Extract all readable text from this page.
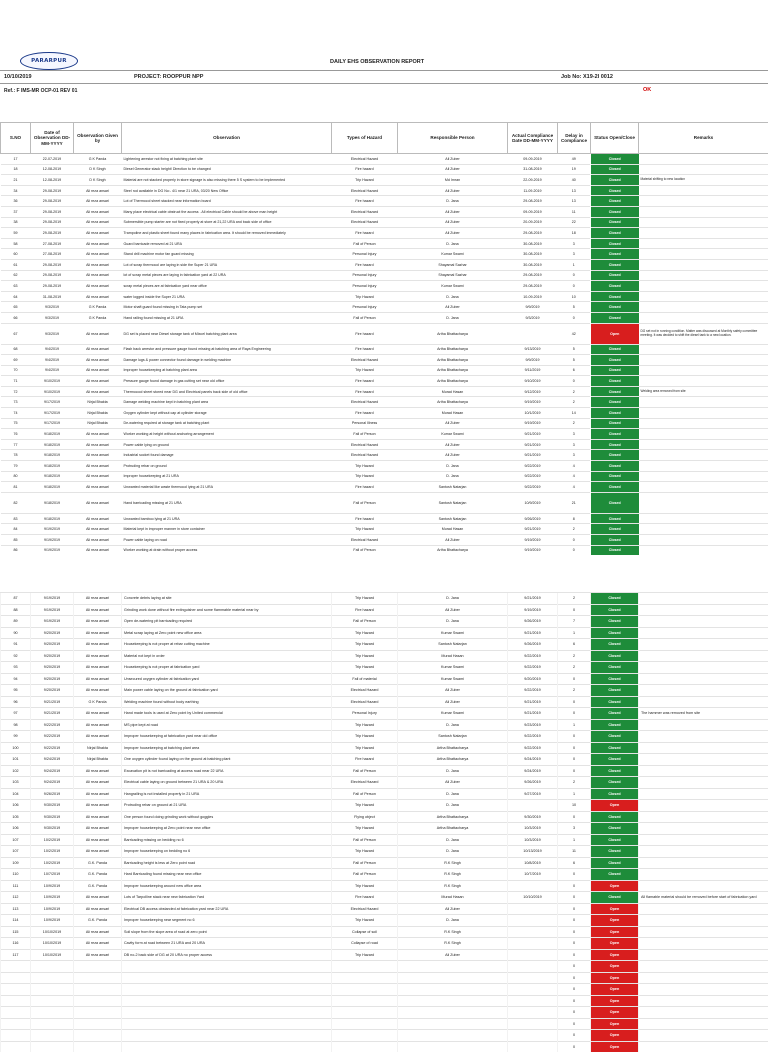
PARARPUR	DAILY EHS OBSERVATION REPORT
10/10/2019	PROJECT: ROOPPUR NPP	Job No: X19-2l 0012
Ref.: F IMS-MR OCP-01 REV 01	OK
S.NO	Date of Observation DD-MM-YYYY	Observation Given by	Observation	Types of Hazard	Responsible Person	Actual Compliance Date DD-MM-YYYY	Delay in Compliance	Status Open/Close	Remarks
17	22-07-2019	G K Panda	Lightening arrestor not fixing at batching plant site	Electrical Hazard	Ali Zuber	09-09-2019	49	Closed	
18	12-08-2019	D K Singh	Diesel Generator stack height/ Direction to be changed	Fire hazard	Ali Zuber	31-08-2019	19	Closed	
21	12-08-2019	D K Singh	Material are not stacked properly in store signage is also missing there 5 S system to be implemented	Trip Hazard	Md Imran	22-09-2019	40	Closed	Material shifting to new location
34	29-08-2019	Ali reza ansari	Steel rod available in DG No:- 4/1 near 21 URA, 03/20 New Office	Electrical Hazard	Ali Zuber	11-09-2019	13	Closed	
36	29-08-2019	Ali reza ansari	Lot of Thermocol sheet stacked near information board	Fire hazard	D. Jana	29-08-2019	13	Closed	
37	29-08-2019	Ali reza ansari	Many place electrical cable obstruct the access . All electrical Cable should be above man height	Electrical Hazard	Ali Zuber	09-09-2019	11	Closed	
38	29-08-2019	Ali reza ansari	Submersible pump starter are not fixed properly at store at 21,22 URA and back side of office	Electrical Hazard	Ali Zuber	20-09-2019	22	Closed	
59	29-08-2019	Ali reza ansari	Trampoline and plastic sheet found many places in fabrication area. It should be removed immediately	Fire hazard	Ali Zuber	29-08-2019	18	Closed	
58	27-08-2019	Ali reza ansari	Guard barricade removed at 21 URA	Fall of Person	D. Jana	30-08-2019	3	Closed	
60	27-08-2019	Ali reza ansari	Stand drill machine motor fan guard missing	Personal Injury	Kumar Swami	30-08-2019	3	Closed	
61	29-08-2019	Ali reza ansari	Lot of scrap thermocol are laying in side the Super 21 URA	Fire hazard	Shayamal Sazhar	30-08-2019	1	Closed	
62	29-08-2019	Ali reza ansari	lot of scrap metal pieces are laying in fabrication yard at 22 URA	Personal Injury	Shayamal Sazhar	29-08-2019	0	Closed	
63	29-08-2019	Ali reza ansari	scrap metal pieces are at fabrication yard near office	Personal Injury	Kumar Swami	29-08-2019	0	Closed	
64	31-08-2019	Ali reza ansari	water logged inside the Super 21 URA	Trip Hazard	D. Jana	10-09-2019	10	Closed	
65	9/3/2019	G K Panda	Motor shaft guard found missing in Tata pump set	Personal Injury	Ali Zuber	9/9/2019	5	Closed	
66	9/3/2019	G K Panda	Hand railing found missing at 21 URA	Fall of Person	D. Jana	9/3/2019	0	Closed	
67	9/3/2019	Ali reza ansari	DG set is placed near Diesel storage tank of Mixcel batching plant area	Fire hazard	Artha Bhattacharya		42	Open	DG set not in running condition. Matter was discussed at Monthly safety committee meeting. It was decided to shift the diesel tank to a new location.
68	9/4/2019	Ali reza ansari	Flash back arrestor and pressure gauge found missing at batching area of Raya Engineering	Fire hazard	Artha Bhattacharya	9/13/2019	5	Closed	
69	9/4/2019	Ali reza ansari	Damage lugs & power connector found damage in welding machine	Electrical Hazard	Artha Bhattacharya	9/9/2019	5	Closed	
70	9/4/2019	Ali reza ansari	Improper housekeeping at batching plant area	Trip Hazard	Artha Bhattacharya	9/11/2019	6	Closed	
71	9/10/2019	Ali reza ansari	Pressure gauge found damage in gas cutting set near old office	Fire hazard	Artha Bhattacharya	9/10/2019	0	Closed	
72	9/10/2019	Ali reza ansari	Thermocool sheet stored near DG and Electrical panels back side of old office	Fire hazard	Murad Hasan	9/12/2019	2	Closed	Welding area removed from site
73	9/17/2019	Nirjal Bhakta	Damage welding machine kept in batching plant area	Electrical Hazard	Artha Bhattacharya	9/19/2019	2	Closed	
74	9/17/2019	Nirjal Bhakta	Oxygen cylinder kept without cap at cylinder storage	Fire hazard	Murad Hasan	10/1/2019	14	Closed	
75	9/17/2019	Nirjal Bhakta	De-watering required at storage tank at batching plant	Personal Illness	Ali Zuber	9/19/2019	2	Closed	
76	9/18/2019	Ali reza ansari	Worker working at height without anchoring arrangement	Fall of Person	Kumar Swami	9/21/2019	3	Closed	
77	9/18/2019	Ali reza ansari	Power cable lying on ground	Electrical Hazard	Ali Zuber	9/21/2019	3	Closed	
78	9/18/2019	Ali reza ansari	Industrial socket found damage	Electrical Hazard	Ali Zuber	9/21/2019	3	Closed	
79	9/18/2019	Ali reza ansari	Protruding rebar on ground	Trip Hazard	D. Jana	9/22/2019	4	Closed	
80	9/18/2019	Ali reza ansari	Improper housekeeping at 21 URA	Trip Hazard	D. Jana	9/22/2019	4	Closed	
81	9/18/2019	Ali reza ansari	Unwanted material like waste thermocol lying at 21 URA	Fire hazard	Santosh Natarjan	9/22/2019	4	Closed	
82	9/18/2019	Ali reza ansari	Hand barricading missing at 21 URA	Fall of Person	Santosh Natarjan	10/9/2019	21	Closed	
83	9/18/2019	Ali reza ansari	Unwanted bamboo lying at 21 URA	Fire hazard	Santosh Natarjan	9/26/2019	8	Closed	
84	9/19/2019	Ali reza ansari	Material kept in improper manner in store container	Trip Hazard	Murad Hasan	9/21/2019	2	Closed	
85	9/19/2019	Ali reza ansari	Power cable laying on road	Electrical Hazard	Ali Zuber	9/19/2019	0	Closed	
86	9/19/2019	Ali reza ansari	Worker working at drain without proper access	Fall of Person	Artha Bhattacharya	9/19/2019	0	Closed	
87	9/19/2019	Ali reza ansari	Concrete debris laying at site	Trip Hazard	D. Jana	9/21/2019	2	Closed	
88	9/19/2019	Ali reza ansari	Grinding work done without fire extinguisher and some flammable material near by	Fire hazard	Ali Zuber	9/19/2019	0	Closed	
89	9/19/2019	Ali reza ansari	Open de-watering pit barricading required	Fall of Person	D. Jana	9/26/2019	7	Closed	
90	9/20/2019	Ali reza ansari	Metal scrap laying at Zero point new office area	Trip Hazard	Kumar Swami	9/21/2019	1	Closed	
91	9/20/2019	Ali reza ansari	Housekeeping is not proper at rebar cutting machine	Trip Hazard	Santosh Natarjan	9/26/2019	6	Closed	
92	9/20/2019	Ali reza ansari	Material not kept in order	Trip Hazard	Murad Hasan	9/22/2019	2	Closed	
93	9/20/2019	Ali reza ansari	Housekeeping is not proper at fabrication yard	Trip Hazard	Kumar Swami	9/22/2019	2	Closed	
94	9/20/2019	Ali reza ansari	Unsecured oxygen cylinder at fabrication yard	Fall of material	Kumar Swami	9/20/2019	0	Closed	
95	9/20/2019	Ali reza ansari	Main power cable laying on the ground at fabrication yard	Electrical Hazard	Ali Zuber	9/22/2019	2	Closed	
96	9/21/2019	G K Panda	Welding machine found without body earthing	Electrical Hazard	Ali Zuber	9/21/2019	0	Closed	
97	9/21/2019	Ali reza ansari	Hand made tools is used at Zero point by United commercial	Personal Injury	Kumar Swami	9/21/2019	0	Closed	The hammer was removed from site
98	9/22/2019	Ali reza ansari	MS pipe kept at road	Trip Hazard	D. Jana	9/23/2019	1	Closed	
99	9/22/2019	Ali reza ansari	Improper housekeeping at fabrication yard near old office	Trip Hazard	Santosh Natarjan	9/22/2019	0	Closed	
100	9/22/2019	Nirjal Bhakta	Improper housekeeping at batching plant area	Trip Hazard	Artha Bhattacharya	9/22/2019	0	Closed	
101	9/24/2019	Nirjal Bhakta	One oxygen cylinder found laying on the ground at batching plant	Fire hazard	Artha Bhattacharya	9/24/2019	0	Closed	
102	9/24/2019	Ali reza ansari	Excavation pit is not barricading at access road near 22 URA	Fall of Person	D. Jana	9/24/2019	0	Closed	
103	9/24/2019	Ali reza ansari	Electrical cable laying on ground between 21 URA & 20 URA	Electrical Hazard	Ali Zuber	9/26/2019	2	Closed	
104	9/26/2019	Ali reza ansari	Hangrailing is not installed properly in 21 URA	Fall of Person	D. Jana	9/27/2019	1	Closed	
106	9/30/2019	Ali reza ansari	Protruding rebar on ground at 21 URA	Trip Hazard	D. Jana		10	Open	
105	9/30/2019	Ali reza ansari	One person found doing grinding work without goggles	Flying object	Artha Bhattacharya	9/30/2019	0	Closed	
106	9/30/2019	Ali reza ansari	Improper housekeeping at Zero point near new office	Trip Hazard	Artha Bhattacharya	10/3/2019	3	Closed	
107	10/2/2019	Ali reza ansari	Barricading missing on bedding no 6	Fall of Person	D. Jana	10/3/2019	1	Closed	
107	10/2/2019	Ali reza ansari	Improper housekeeping on bedding no 6	Trip Hazard	D. Jana	10/13/2019	11	Closed	
109	10/2/2019	G.K. Panda	Barricading height is less at Zero point road	Fall of Person	R.K Singh	10/8/2019	6	Closed	
110	10/7/2019	G.K. Panda	Hard Barricading found missing near new office	Fall of Person	R.K Singh	10/7/2019	0	Closed	
111	10/9/2019	G.K. Panda	Improper housekeeping around new office area	Trip Hazard	R.K Singh		0	Open	
112	10/9/2019	Ali reza ansari	Lots of Tarpolline stack near new fabrication Yard	Fire hazard	Murad Hasan	10/10/2019	0	Closed	All flamable material should be removed before start of fabrication yard
113	10/9/2019	Ali reza ansari	Electrical DB access obstarcled at fabrication yard near 22 URA	Electrical Hazard	Ali Zuber		0	Open	
114	10/9/2019	G.K. Panda	Improper housekeeping near segment no 6	Trip Hazard	D. Jana		0	Open	
115	10/10/2019	Ali reza ansari	Soil slope from the slope area of road at zero point	Collapse of soil	R.K Singh		0	Open	
116	10/10/2019	Ali reza ansari	Cavity form at road between 21 URA and 20 URA	Collapse of road	R.K Singh		0	Open	
117	10/10/2019	Ali reza ansari	DB no-2 back side of DG at 20 URA no proper access	Trip Hazard	Ali Zuber		0	Open	
							0	Open	
							0	Open	
							0	Open	
							0	Open	
							0	Open	
							0	Open	
							0	Open	
							0	Open	
